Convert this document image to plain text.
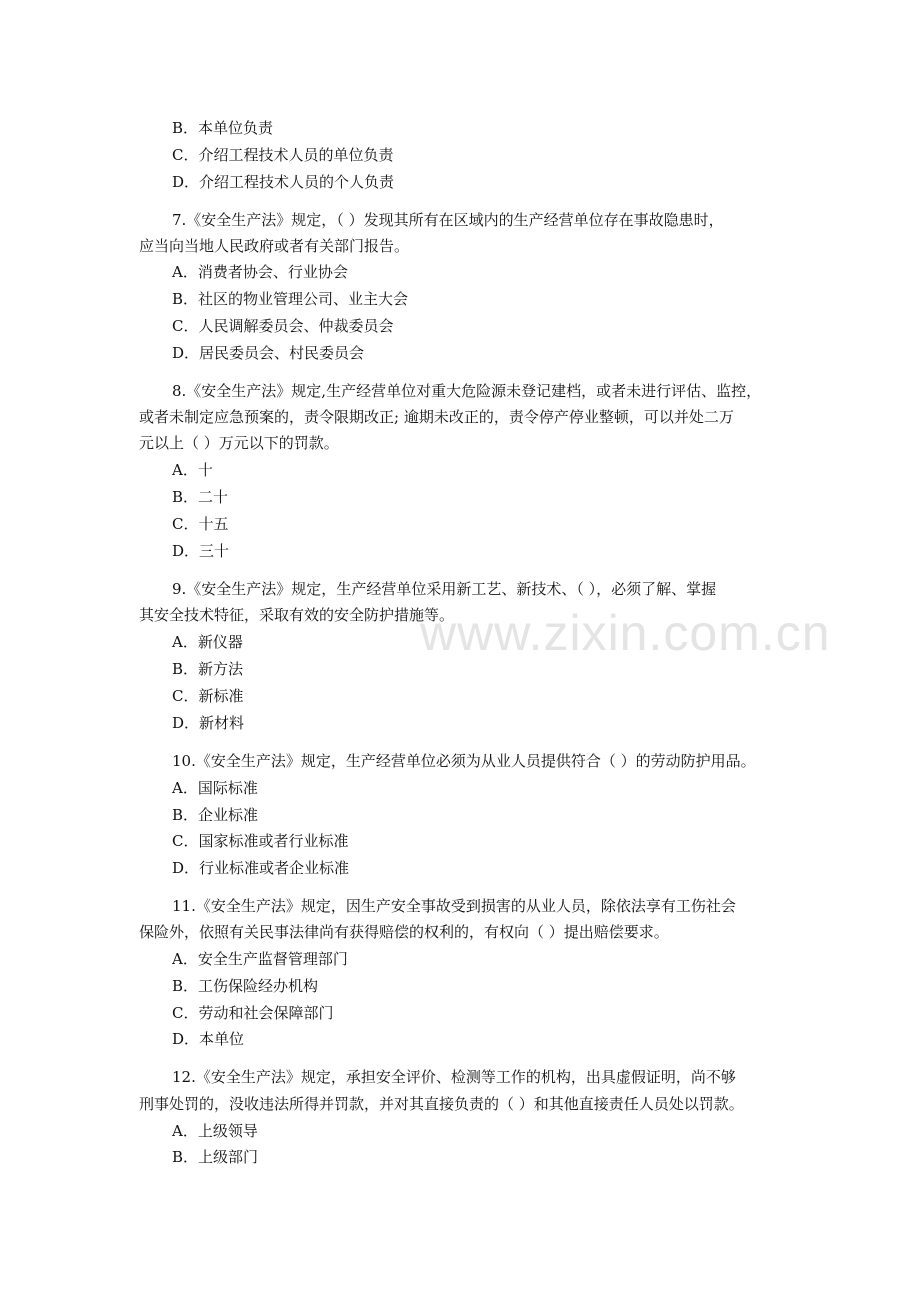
www.zixin.com.cn
B．本单位负责
C．介绍工程技术人员的单位负责
D．介绍工程技术人员的个人负责
7.《安全生产法》规定，（ ）发现其所有在区域内的生产经营单位存在事故隐患时，
应当向当地人民政府或者有关部门报告。
A．消费者协会、行业协会
B．社区的物业管理公司、业主大会
C．人民调解委员会、仲裁委员会
D．居民委员会、村民委员会
8.《安全生产法》规定,生产经营单位对重大危险源未登记建档，或者未进行评估、监控，
或者未制定应急预案的，责令限期改正; 逾期未改正的，责令停产停业整顿，可以并处二万
元以上（ ）万元以下的罚款。
A．十
B．二十
C．十五
D．三十
9.《安全生产法》规定，生产经营单位采用新工艺、新技术、（ ），必须了解、掌握
其安全技术特征，采取有效的安全防护措施等。
A．新仪器
B．新方法
C．新标准
D．新材料
10.《安全生产法》规定，生产经营单位必须为从业人员提供符合（ ）的劳动防护用品。
A．国际标准
B．企业标准
C．国家标准或者行业标准
D．行业标准或者企业标准
11.《安全生产法》规定，因生产安全事故受到损害的从业人员，除依法享有工伤社会
保险外，依照有关民事法律尚有获得赔偿的权利的，有权向（ ）提出赔偿要求。
A．安全生产监督管理部门
B．工伤保险经办机构
C．劳动和社会保障部门
D．本单位
12.《安全生产法》规定，承担安全评价、检测等工作的机构，出具虚假证明，尚不够
刑事处罚的，没收违法所得并罚款，并对其直接负责的（ ）和其他直接责任人员处以罚款。
A．上级领导
B．上级部门
